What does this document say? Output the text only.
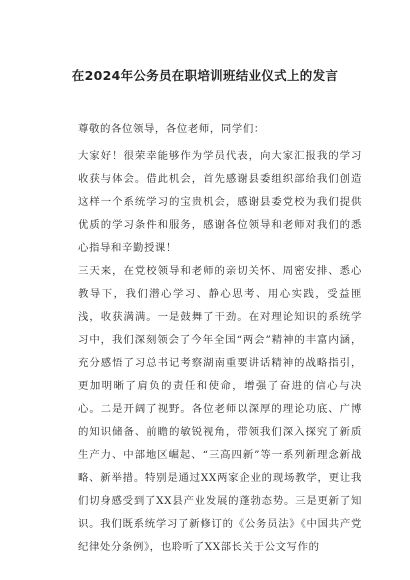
在2024年公务员在职培训班结业仪式上的发言

尊敬的各位领导，各位老师，同学们：

大家好！很荣幸能够作为学员代表，向大家汇报我的学习收获与体会。借此机会，首先感谢县委组织部给我们创造这样一个系统学习的宝贵机会，感谢县委党校为我们提供优质的学习条件和服务，感谢各位领导和老师对我们的悉心指导和辛勤授课！

三天来，在党校领导和老师的亲切关怀、周密安排、悉心教导下，我们潜心学习、静心思考、用心实践，受益匪浅，收获满满。一是鼓舞了干劲。在对理论知识的系统学习中，我们深刻领会了今年全国“两会”精神的丰富内涵，充分感悟了习总书记考察湖南重要讲话精神的战略指引，更加明晰了肩负的责任和使命，增强了奋进的信心与决心。二是开阔了视野。各位老师以深厚的理论功底、广博的知识储备、前瞻的敏锐视角，带领我们深入探究了新质生产力、中部地区崛起、“三高四新”等一系列新理念新战略、新举措。特别是通过XX两家企业的现场教学，更让我们切身感受到了XX县产业发展的蓬勃态势。三是更新了知识。我们既系统学习了新修订的《公务员法》《中国共产党纪律处分条例》，也聆听了XX部长关于公文写作的
